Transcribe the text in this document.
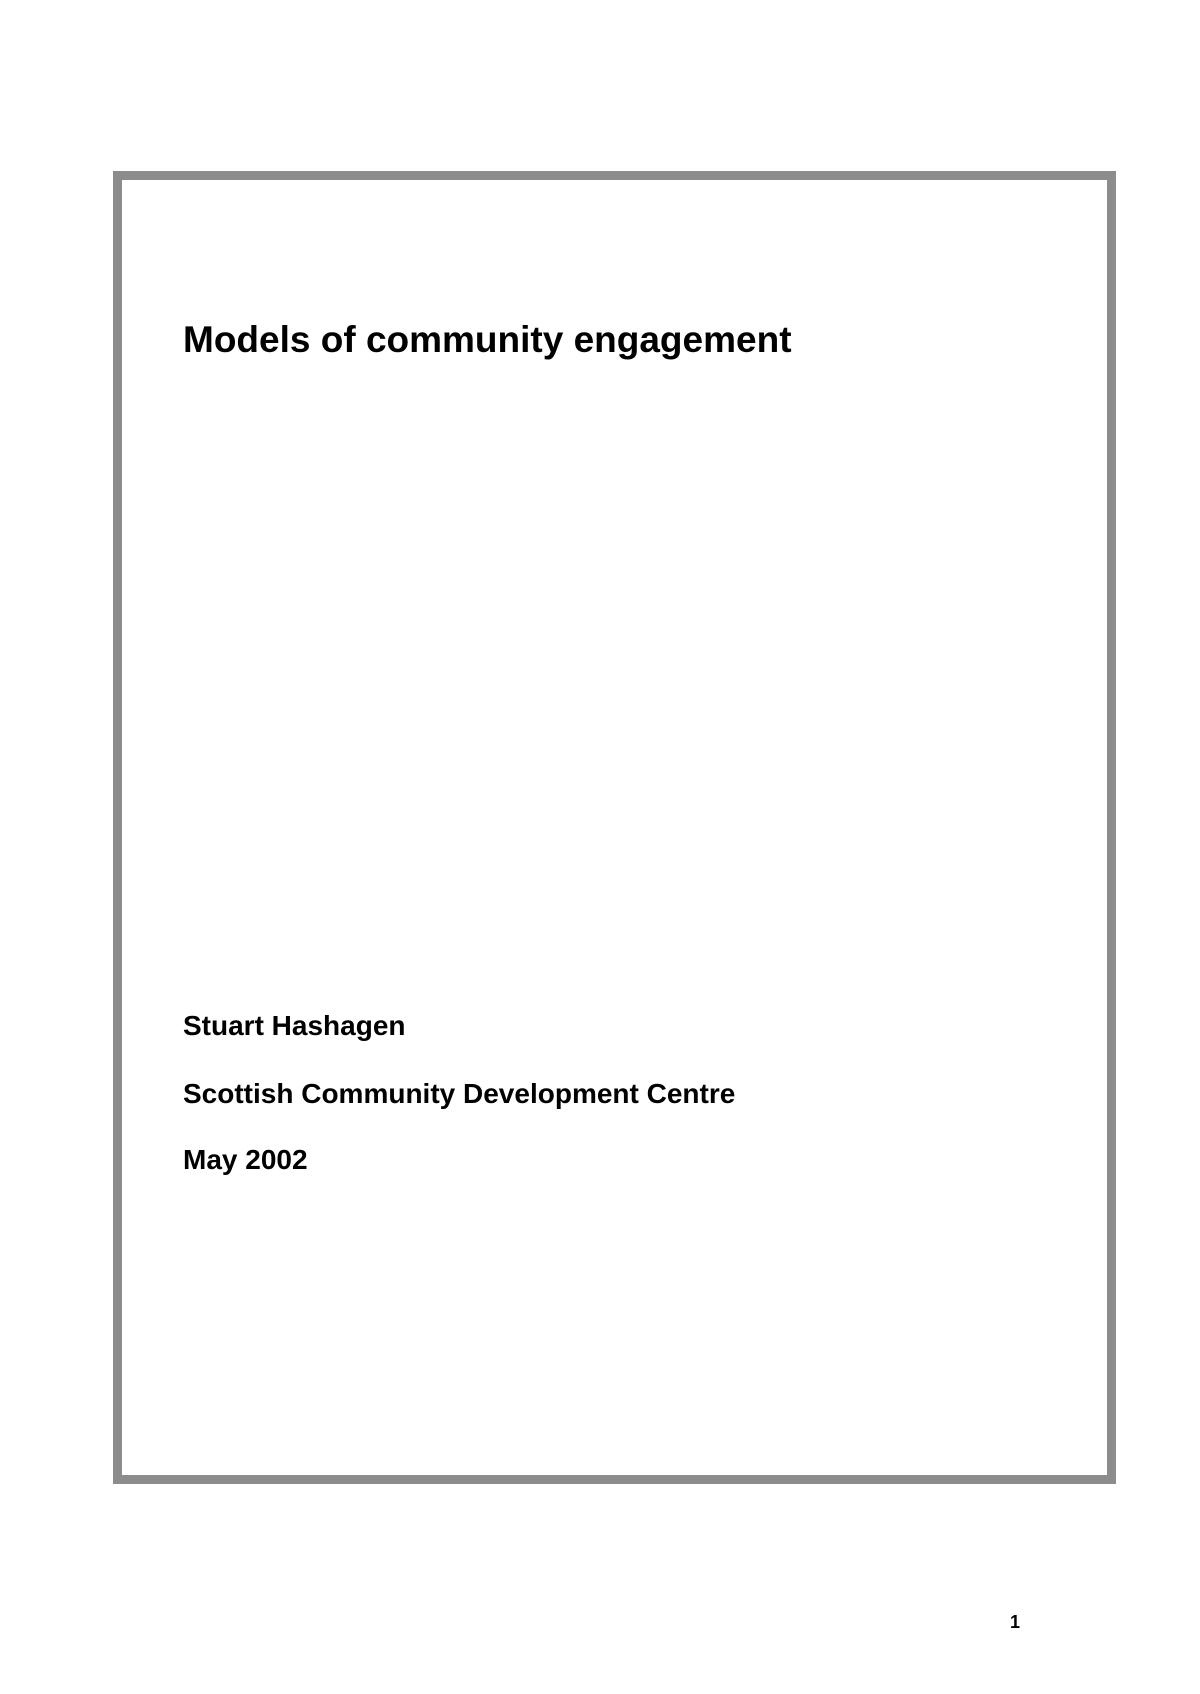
Models of community engagement

Stuart Hashagen

Scottish Community Development Centre

May 2002

1
